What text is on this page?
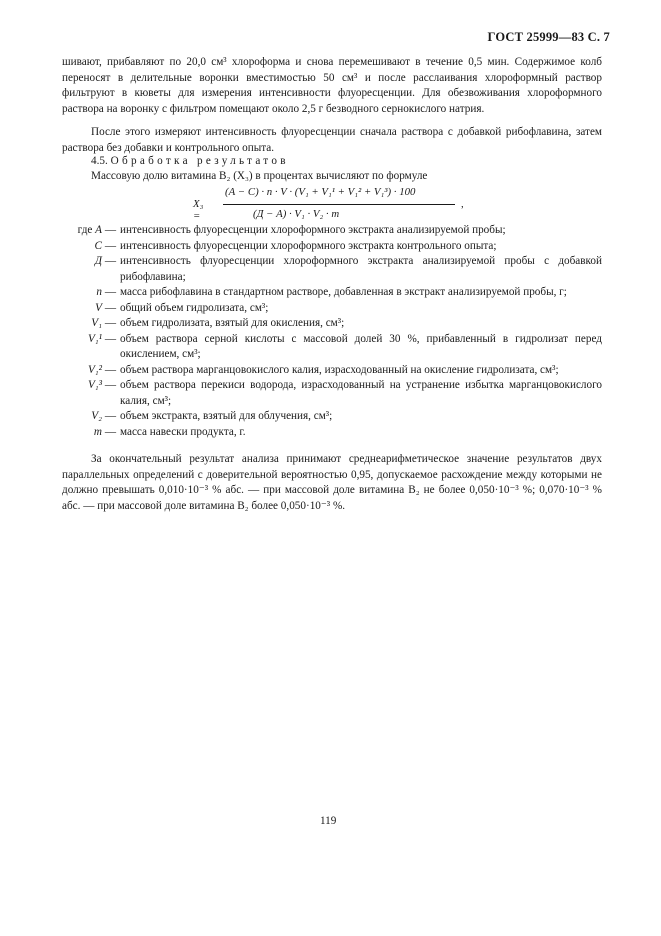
ГОСТ 25999—83 С. 7
шивают, прибавляют по 20,0 см³ хлороформа и снова перемешивают в течение 0,5 мин. Содержимое колб переносят в делительные воронки вместимостью 50 см³ и после расслаивания хлороформный раствор фильтруют в кюветы для измерения интенсивности флуоресценции. Для обезвоживания хлороформного раствора на воронку с фильтром помещают около 2,5 г безводного сернокислого натрия.
После этого измеряют интенсивность флуоресценции сначала раствора с добавкой рибофлавина, затем раствора без добавки и контрольного опыта.
4.5. Обработка результатов
Массовую долю витамина B₂ (X₃) в процентах вычисляют по формуле
X₃ =
(А − С) · n · V · (V₁ + V₁¹ + V₁² + V₁³) · 100
(Д − А) · V₁ · V₂ · m
,
где А — интенсивность флуоресценции хлороформного экстракта анализируемой пробы;
С — интенсивность флуоресценции хлороформного экстракта контрольного опыта;
Д — интенсивность флуоресценции хлороформного экстракта анализируемой пробы с добавкой рибофлавина;
n — масса рибофлавина в стандартном растворе, добавленная в экстракт анализируемой пробы, г;
V — общий объем гидролизата, см³;
V₁ — объем гидролизата, взятый для окисления, см³;
V₁¹ — объем раствора серной кислоты с массовой долей 30 %, прибавленный в гидролизат перед окислением, см³;
V₁² — объем раствора марганцовокислого калия, израсходованный на окисление гидролизата, см³;
V₁³ — объем раствора перекиси водорода, израсходованный на устранение избытка марганцовокислого калия, см³;
V₂ — объем экстракта, взятый для облучения, см³;
m — масса навески продукта, г.
За окончательный результат анализа принимают среднеарифметическое значение результатов двух параллельных определений с доверительной вероятностью 0,95, допускаемое расхождение между которыми не должно превышать 0,010·10⁻³ % абс. — при массовой доле витамина B₂ не более 0,050·10⁻³ %; 0,070·10⁻³ % абс. — при массовой доле витамина B₂ более 0,050·10⁻³ %.
119
